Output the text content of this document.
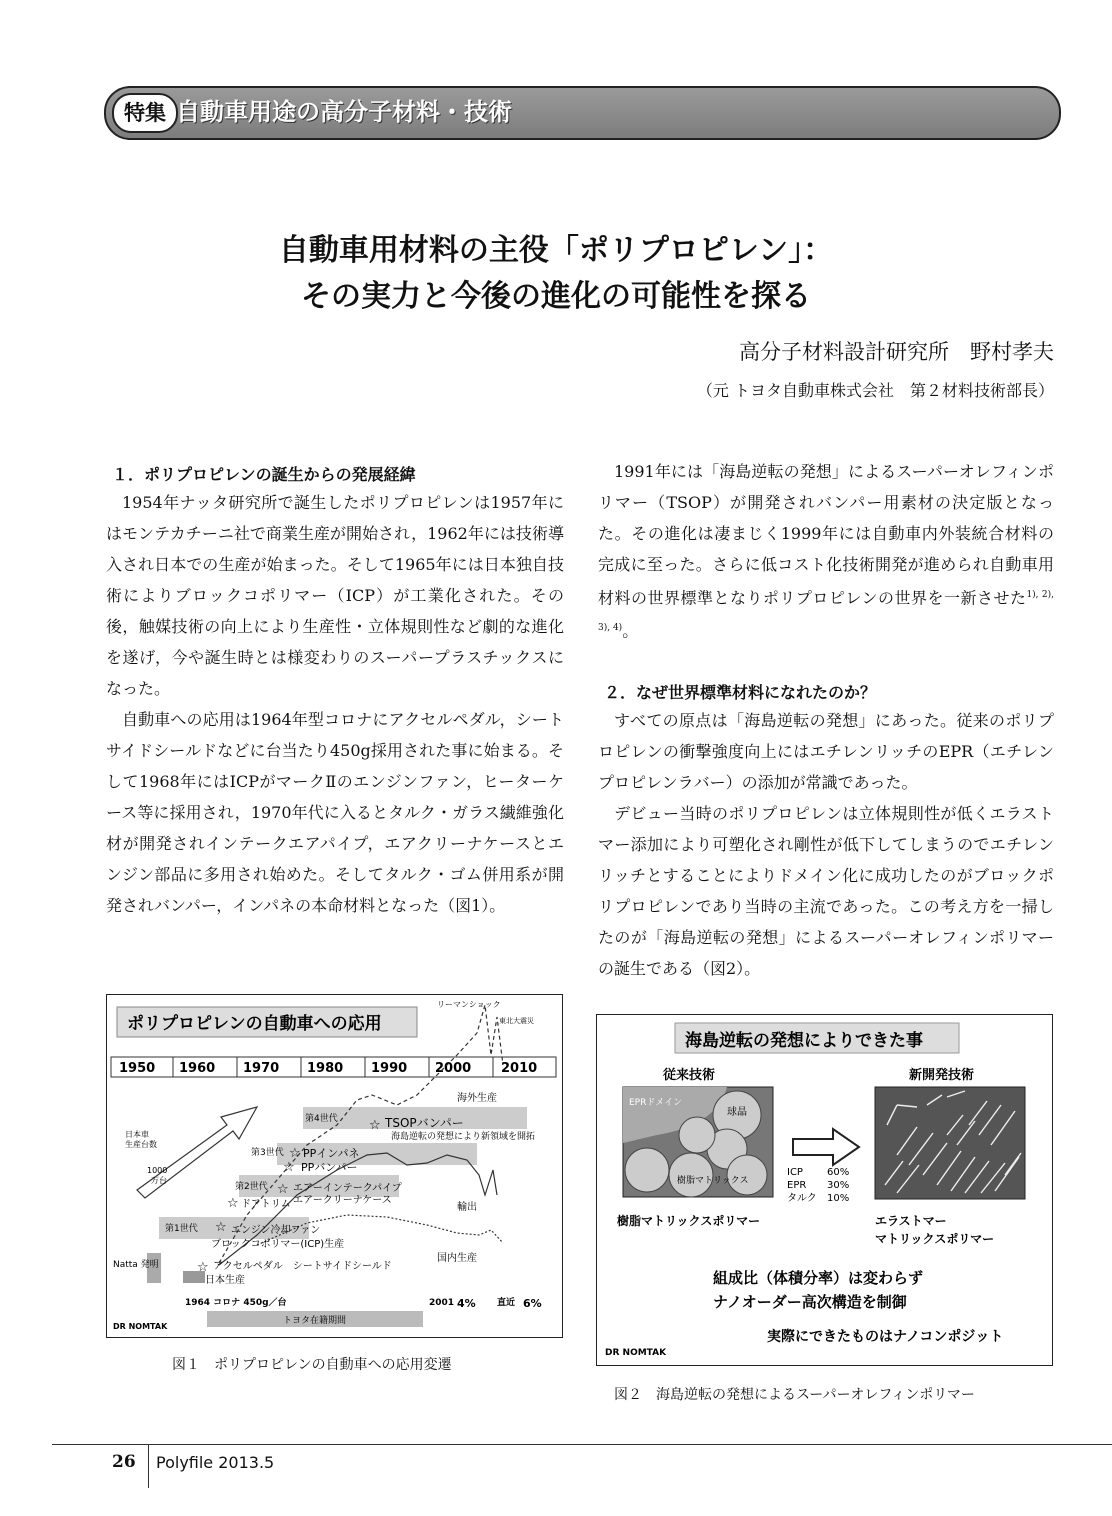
特集 自動車用途の高分子材料・技術
自動車用材料の主役「ポリプロピレン」：
その実力と今後の進化の可能性を探る
高分子材料設計研究所　野村孝夫
（元 トヨタ自動車株式会社　第２材料技術部長）
１．ポリプロピレンの誕生からの発展経緯

1954年ナッタ研究所で誕生したポリプロピレンは1957年にはモンテカチーニ社で商業生産が開始され，1962年には技術導入され日本での生産が始まった。そして1965年には日本独自技術によりブロックコポリマー（ICP）が工業化された。その後，触媒技術の向上により生産性・立体規則性など劇的な進化を遂げ，今や誕生時とは様変わりのスーパープラスチックスになった。

自動車への応用は1964年型コロナにアクセルペダル，シートサイドシールドなどに台当たり450g採用された事に始まる。そして1968年にはICPがマークⅡのエンジンファン，ヒーターケース等に採用され，1970年代に入るとタルク・ガラス繊維強化材が開発されインテークエアパイプ，エアクリーナケースとエンジン部品に多用され始めた。そしてタルク・ゴム併用系が開発されバンパー，インパネの本命材料となった（図1）。

1991年には「海島逆転の発想」によるスーパーオレフィンポリマー（TSOP）が開発されバンパー用素材の決定版となった。その進化は凄まじく1999年には自動車内外装統合材料の完成に至った。さらに低コスト化技術開発が進められ自動車用材料の世界標準となりポリプロピレンの世界を一新させた$^{1), 2), 3), 4)}$。

２．なぜ世界標準材料になれたのか？

すべての原点は「海島逆転の発想」にあった。従来のポリプロピレンの衝撃強度向上にはエチレンリッチのEPR（エチレンプロピレンラバー）の添加が常識であった。

デビュー当時のポリプロピレンは立体規則性が低くエラストマー添加により可塑化され剛性が低下してしまうのでエチレンリッチとすることによりドメイン化に成功したのがブロックポリプロピレンであり当時の主流であった。この考え方を一掃したのが「海島逆転の発想」によるスーパーオレフィンポリマーの誕生である（図2）。

ポリプロピレンの自動車への応用
リーマンショック
東北大震災
1950 1960 1970 1980 1990 2000 2010
海外生産
日本車
生産台数
1000
万台
第4世代 ☆ TSOPバンパー
海島逆転の発想により新領域を開拓
第3世代 ☆ PPインパネ
☆ PPバンパー
第2世代 ☆ エアーインテークパイプ
エアークリーナケース
☆ ドアトリム	輸出
第1世代 ☆ エンジン冷却ファン
ブロックコポリマー(ICP)生産
国内生産
Natta 発明	☆ アクセルペダル　シートサイドシールド
日本生産
1964 コロナ 450g／台	2001 4% 直近 6%
トヨタ在籍期間
DR NOMTAK
図１　ポリプロピレンの自動車への応用変遷
海島逆転の発想によりできた事
従来技術	新開発技術
EPRドメイン
球晶
樹脂マトリックス
ICP 60%
EPR 30%
タルク 10%
樹脂マトリックスポリマー	エラストマー
マトリックスポリマー
組成比（体積分率）は変わらず
ナノオーダー高次構造を制御
実際にできたものはナノコンポジット
DR NOMTAK
図２　海島逆転の発想によるスーパーオレフィンポリマー
26 Polyfile 2013.5
